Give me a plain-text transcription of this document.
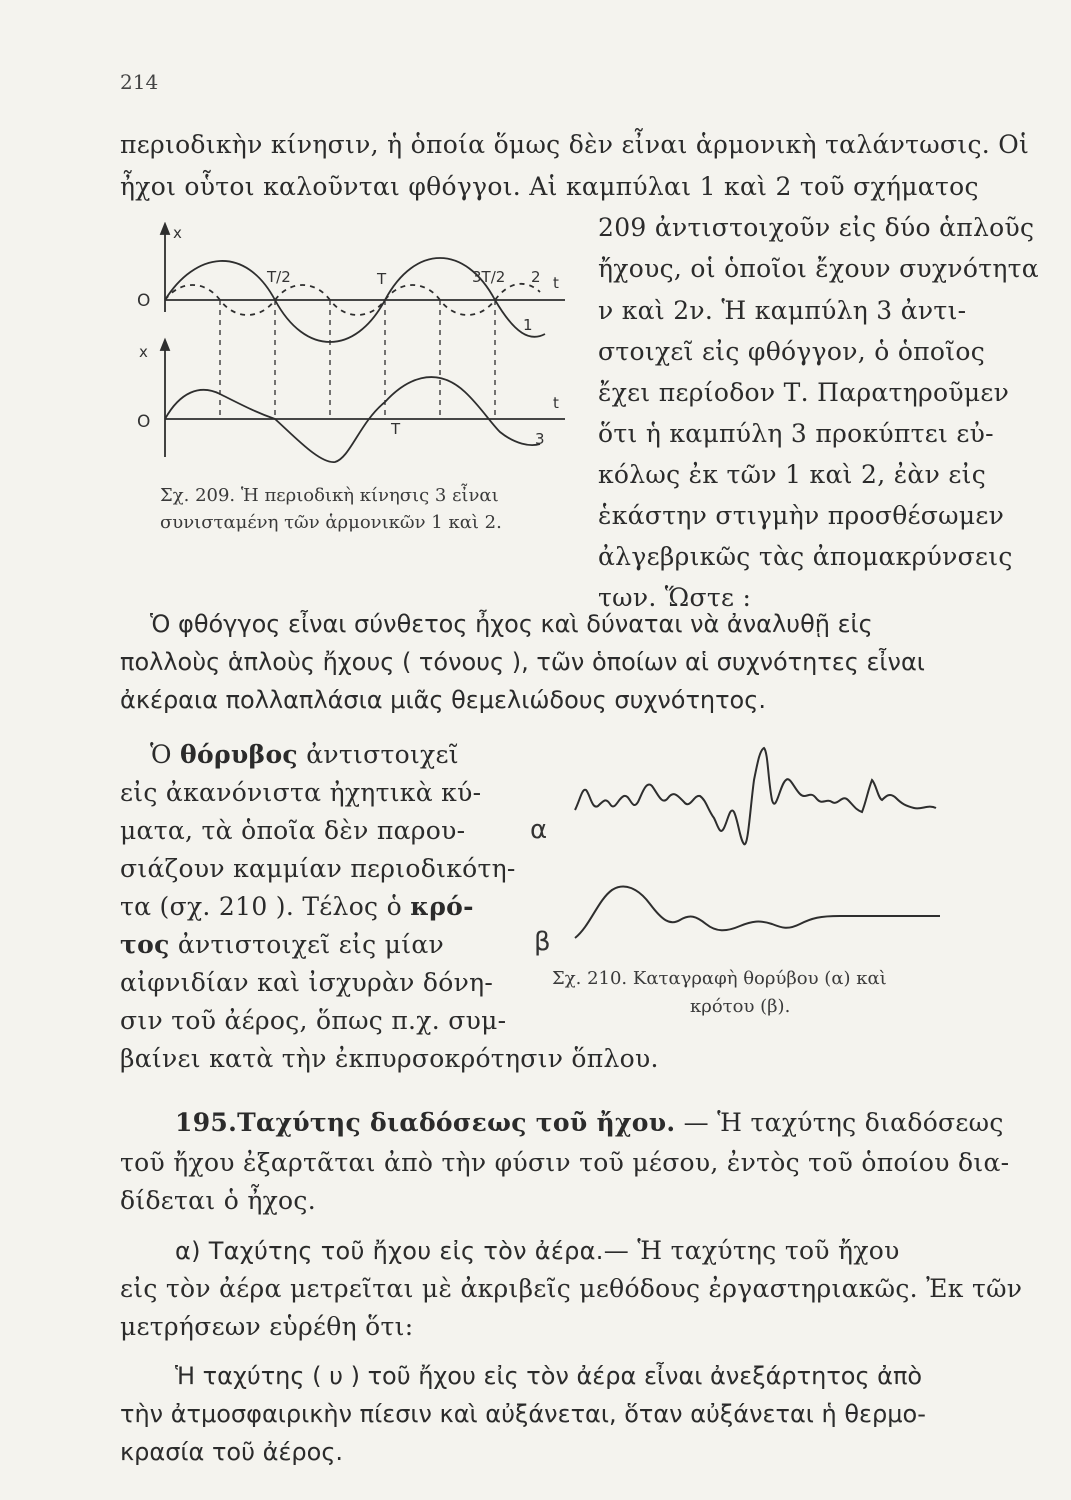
214
περιοδικὴν κίνησιν, ἡ ὁποία ὅμως δὲν εἶναι ἁρμονικὴ ταλάντωσις. Οἱ
ἦχοι οὗτοι καλοῦνται φθόγγοι. Αἱ καμπύλαι 1 καὶ 2 τοῦ σχήματος
209 ἀντιστοιχοῦν εἰς δύο ἁπλοῦς
ἤχους, οἱ ὁποῖοι ἔχουν συχνότητα
ν καὶ 2ν. Ἡ καμπύλη 3 ἀντι-
στοιχεῖ εἰς φθόγγον, ὁ ὁποῖος
ἔχει περίοδον Τ. Παρατηροῦμεν
ὅτι ἡ καμπύλη 3 προκύπτει εὐ-
κόλως ἐκ τῶν 1 καὶ 2, ἐὰν εἰς
ἑκάστην στιγμὴν προσθέσωμεν
ἀλγεβρικῶς τὰς ἀπομακρύνσεις
των. Ὥστε :
x
O
x
O
T/2	T	3T/2 2 t
1
t
T
3
Σχ. 209. Ἡ περιοδικὴ κίνησις 3 εἶναι
συνισταμένη τῶν ἁρμονικῶν 1 καὶ 2.
Ὁ φθόγγος εἶναι σύνθετος ἦχος καὶ δύναται νὰ ἀναλυθῇ εἰς
πολλοὺς ἁπλοὺς ἤχους ( τόνους ), τῶν ὁποίων αἱ συχνότητες εἶναι
ἀκέραια πολλαπλάσια μιᾶς θεμελιώδους συχνότητος.
Ὁ θόρυβος ἀντιστοιχεῖ
εἰς ἀκανόνιστα ἠχητικὰ κύ-
ματα, τὰ ὁποῖα δὲν παρου-
σιάζουν καμμίαν περιοδικότη-
τα (σχ. 210 ). Τέλος ὁ κρό-
τος ἀντιστοιχεῖ εἰς μίαν
αἰφνιδίαν καὶ ἰσχυρὰν δόνη-
σιν τοῦ ἀέρος, ὅπως π.χ. συμ-
βαίνει κατὰ τὴν ἐκπυρσοκρότησιν ὅπλου.
α
β
Σχ. 210. Καταγραφὴ θορύβου (α) καὶ
κρότου (β).
195.Ταχύτης διαδόσεως τοῦ ἤχου. — Ἡ ταχύτης διαδόσεως
τοῦ ἤχου ἐξαρτᾶται ἀπὸ τὴν φύσιν τοῦ μέσου, ἐντὸς τοῦ ὁποίου δια-
δίδεται ὁ ἦχος.
α) Ταχύτης τοῦ ἤχου εἰς τὸν ἀέρα.— Ἡ ταχύτης τοῦ ἤχου
εἰς τὸν ἀέρα μετρεῖται μὲ ἀκριβεῖς μεθόδους ἐργαστηριακῶς. Ἐκ τῶν
μετρήσεων εὑρέθη ὅτι:
Ἡ ταχύτης ( υ ) τοῦ ἤχου εἰς τὸν ἀέρα εἶναι ἀνεξάρτητος ἀπὸ
τὴν ἀτμοσφαιρικὴν πίεσιν καὶ αὐξάνεται, ὅταν αὐξάνεται ἡ θερμο-
κρασία τοῦ ἀέρος.
